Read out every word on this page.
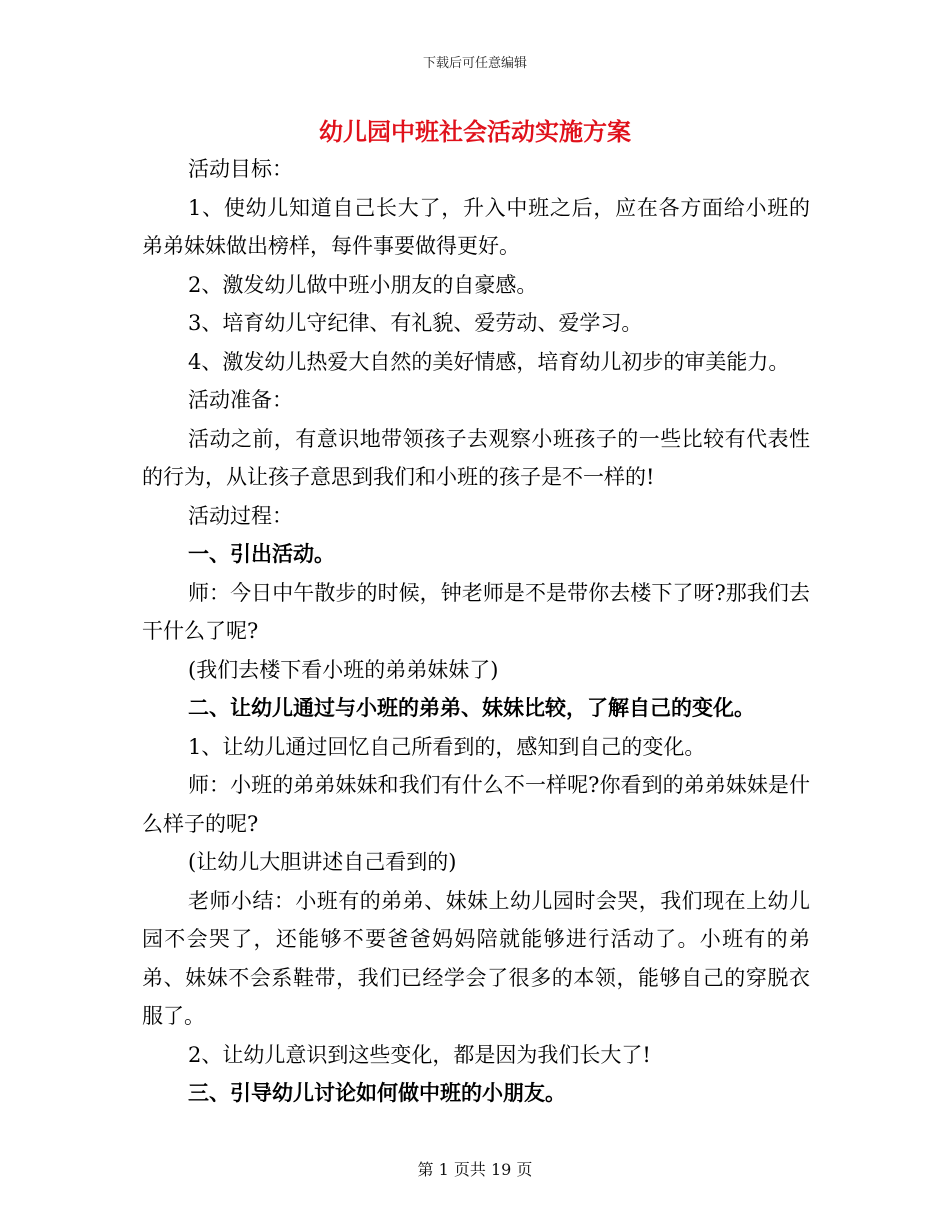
下载后可任意编辑
幼儿园中班社会活动实施方案

活动目标：

1、使幼儿知道自己长大了，升入中班之后，应在各方面给小班的弟弟妹妹做出榜样，每件事要做得更好。

2、激发幼儿做中班小朋友的自豪感。

3、培育幼儿守纪律、有礼貌、爱劳动、爱学习。

4、激发幼儿热爱大自然的美好情感，培育幼儿初步的审美能力。

活动准备：

活动之前，有意识地带领孩子去观察小班孩子的一些比较有代表性的行为，从让孩子意思到我们和小班的孩子是不一样的!

活动过程：

一、引出活动。

师：今日中午散步的时候，钟老师是不是带你去楼下了呀?那我们去干什么了呢?

(我们去楼下看小班的弟弟妹妹了)

二、让幼儿通过与小班的弟弟、妹妹比较，了解自己的变化。

1、让幼儿通过回忆自己所看到的，感知到自己的变化。

师：小班的弟弟妹妹和我们有什么不一样呢?你看到的弟弟妹妹是什么样子的呢?

(让幼儿大胆讲述自己看到的)

老师小结：小班有的弟弟、妹妹上幼儿园时会哭，我们现在上幼儿园不会哭了，还能够不要爸爸妈妈陪就能够进行活动了。小班有的弟弟、妹妹不会系鞋带，我们已经学会了很多的本领，能够自己的穿脱衣服了。

2、让幼儿意识到这些变化，都是因为我们长大了!

三、引导幼儿讨论如何做中班的小朋友。

第 1 页共 19 页
